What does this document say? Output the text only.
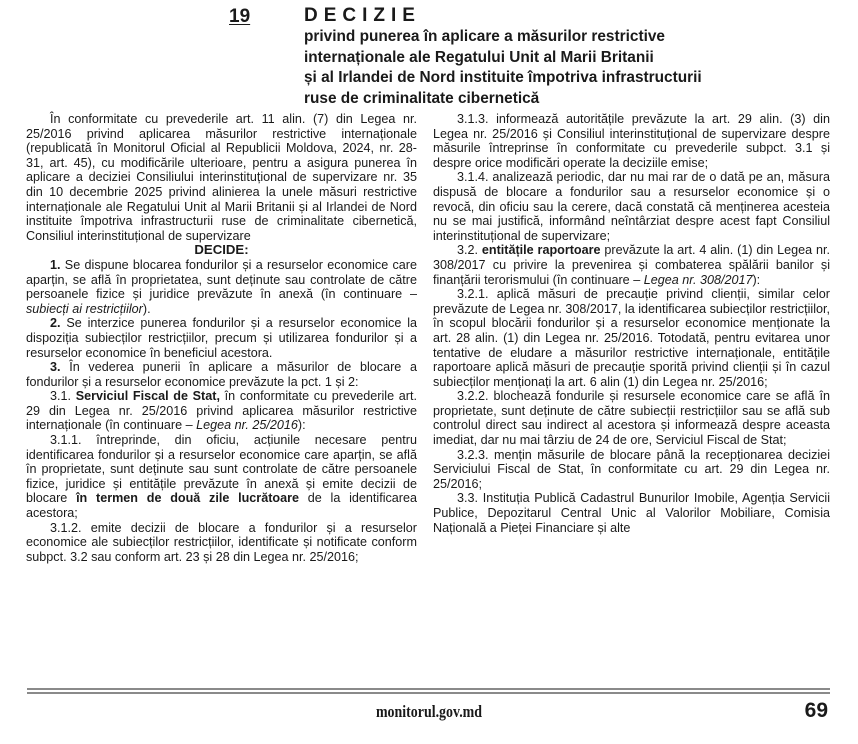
19	DECIZIE
privind punerea în aplicare a măsurilor restrictive
internaționale ale Regatului Unit al Marii Britanii
și al Irlandei de Nord instituite împotriva infrastructurii
ruse de criminalitate cibernetică

În conformitate cu prevederile art. 11 alin. (7) din Legea nr. 25/2016 privind aplicarea măsurilor restrictive internaționale (republicată în Monitorul Oficial al Republicii Moldova, 2024, nr. 28-31, art. 45), cu modificările ulterioare, pentru a asigura punerea în aplicare a deciziei Consiliului interinstituțional de supervizare nr. 35 din 10 decembrie 2025 privind alinierea la unele măsuri restrictive internaționale ale Regatului Unit al Marii Britanii și al Irlandei de Nord instituite împotriva infrastructurii ruse de criminalitate cibernetică, Consiliul interinstituțional de supervizare

DECIDE:

1. Se dispune blocarea fondurilor și a resurselor economice care aparțin, se află în proprietatea, sunt deținute sau controlate de către persoanele fizice și juridice prevăzute în anexă (în continuare – subiecți ai restricțiilor).

2. Se interzice punerea fondurilor și a resurselor economice la dispoziția subiecților restricțiilor, precum și utilizarea fondurilor și a resurselor economice în beneficiul acestora.

3. În vederea punerii în aplicare a măsurilor de blocare a fondurilor și a resurselor economice prevăzute la pct. 1 și 2:

3.1. Serviciul Fiscal de Stat, în conformitate cu prevederile art. 29 din Legea nr. 25/2016 privind aplicarea măsurilor restrictive internaționale (în continuare – Legea nr. 25/2016):

3.1.1. întreprinde, din oficiu, acțiunile necesare pentru identificarea fondurilor și a resurselor economice care aparțin, se află în proprietate, sunt deținute sau sunt controlate de către persoanele fizice, juridice și entitățile prevăzute în anexă și emite decizii de blocare în termen de două zile lucrătoare de la identificarea acestora;

3.1.2. emite decizii de blocare a fondurilor și a resurselor economice ale subiecților restricțiilor, identificate și notificate conform subpct. 3.2 sau conform art. 23 și 28 din Legea nr. 25/2016;

3.1.3. informează autoritățile prevăzute la art. 29 alin. (3) din Legea nr. 25/2016 și Consiliul interinstituțional de supervizare despre măsurile întreprinse în conformitate cu prevederile subpct. 3.1 și despre orice modificări operate la deciziile emise;

3.1.4. analizează periodic, dar nu mai rar de o dată pe an, măsura dispusă de blocare a fondurilor sau a resurselor economice și o revocă, din oficiu sau la cerere, dacă constată că menținerea acesteia nu se mai justifică, informând neîntârziat despre acest fapt Consiliul interinstituțional de supervizare;

3.2. entitățile raportoare prevăzute la art. 4 alin. (1) din Legea nr. 308/2017 cu privire la prevenirea și combaterea spălării banilor și finanțării terorismului (în continuare – Legea nr. 308/2017):

3.2.1. aplică măsuri de precauție privind clienții, similar celor prevăzute de Legea nr. 308/2017, la identificarea subiecților restricțiilor, în scopul blocării fondurilor și a resurselor economice menționate la art. 28 alin. (1) din Legea nr. 25/2016. Totodată, pentru evitarea unor tentative de eludare a măsurilor restrictive internaționale, entitățile raportoare aplică măsuri de precauție sporită privind clienții și în cazul subiecților menționați la art. 6 alin (1) din Legea nr. 25/2016;

3.2.2. blochează fondurile și resursele economice care se află în proprietate, sunt deținute de către subiecții restricțiilor sau se află sub controlul direct sau indirect al acestora și informează despre aceasta imediat, dar nu mai târziu de 24 de ore, Serviciul Fiscal de Stat;

3.2.3. mențin măsurile de blocare până la recepționarea deciziei Serviciului Fiscal de Stat, în conformitate cu art. 29 din Legea nr. 25/2016;

3.3. Instituția Publică Cadastrul Bunurilor Imobile, Agenția Servicii Publice, Depozitarul Central Unic al Valorilor Mobiliare, Comisia Națională a Pieței Financiare și alte

monitorul.gov.md	69
